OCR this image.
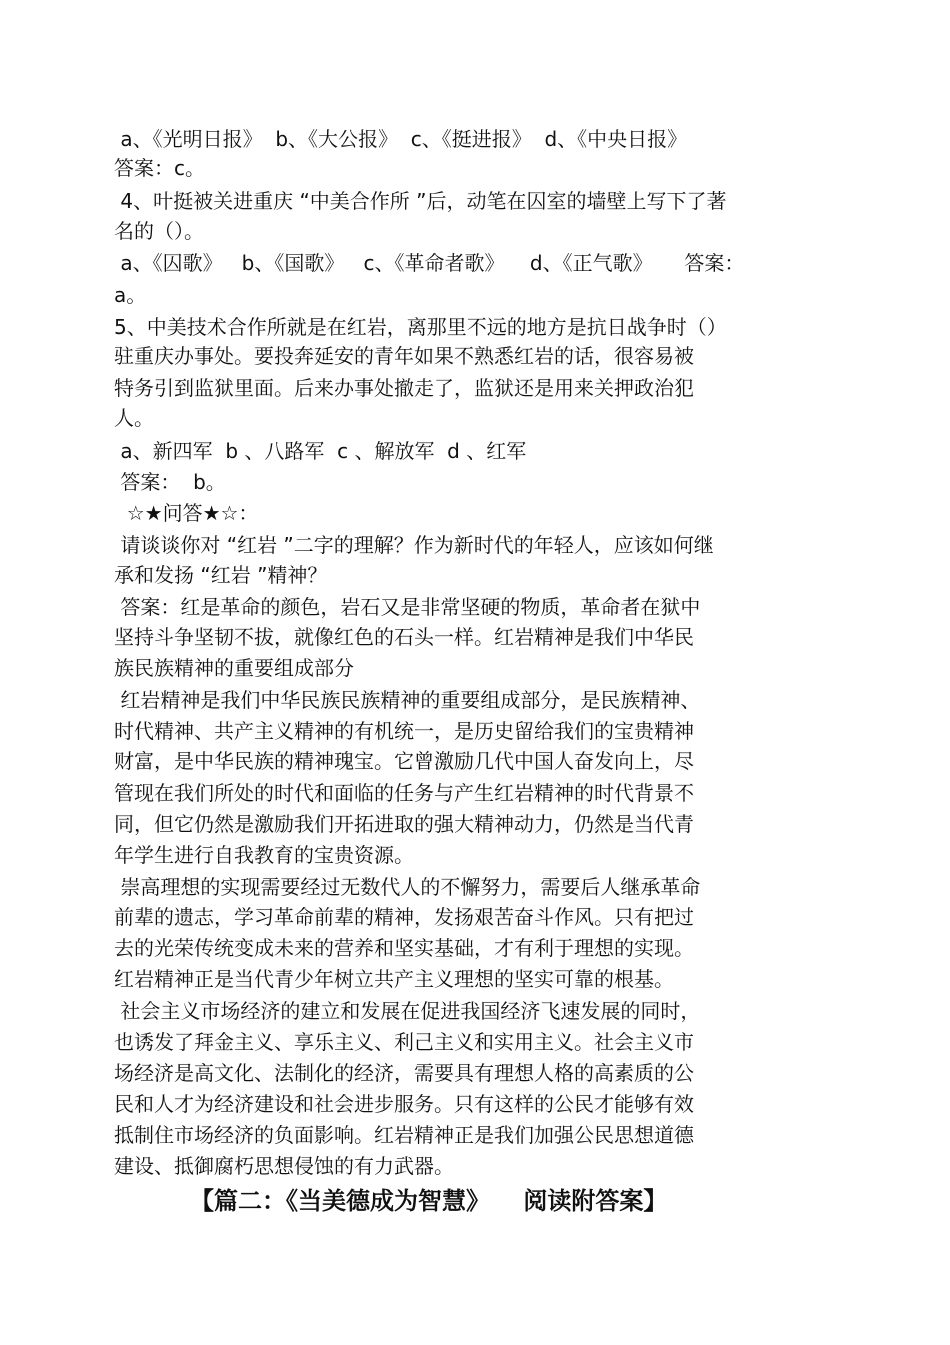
a、《光明日报》  b、《大公报》  c、《挺进报》  d、《中央日报》

答案：c。

4、叶挺被关进重庆 “中美合作所 ”后，动笔在囚室的墙壁上写下了著

名的（）。

a、《囚歌》   b、《国歌》   c、《革命者歌》    d、《正气歌》     答案：

a。

5、中美技术合作所就是在红岩，离那里不远的地方是抗日战争时（）

驻重庆办事处。要投奔延安的青年如果不熟悉红岩的话，很容易被

特务引到监狱里面。后来办事处撤走了，监狱还是用来关押政治犯

人。

a、新四军  b 、八路军  c 、解放军  d 、红军

答案：  b。

☆★问答★☆：

请谈谈你对 “红岩 ”二字的理解？作为新时代的年轻人，应该如何继

承和发扬 “红岩 ”精神？

答案：红是革命的颜色，岩石又是非常坚硬的物质，革命者在狱中

坚持斗争坚韧不拔，就像红色的石头一样。红岩精神是我们中华民

族民族精神的重要组成部分

红岩精神是我们中华民族民族精神的重要组成部分，是民族精神、

时代精神、共产主义精神的有机统一，是历史留给我们的宝贵精神

财富，是中华民族的精神瑰宝。它曾激励几代中国人奋发向上，尽

管现在我们所处的时代和面临的任务与产生红岩精神的时代背景不

同，但它仍然是激励我们开拓进取的强大精神动力，仍然是当代青

年学生进行自我教育的宝贵资源。

崇高理想的实现需要经过无数代人的不懈努力，需要后人继承革命

前辈的遗志，学习革命前辈的精神，发扬艰苦奋斗作风。只有把过

去的光荣传统变成未来的营养和坚实基础，才有利于理想的实现。

红岩精神正是当代青少年树立共产主义理想的坚实可靠的根基。

社会主义市场经济的建立和发展在促进我国经济飞速发展的同时，

也诱发了拜金主义、享乐主义、利己主义和实用主义。社会主义市

场经济是高文化、法制化的经济，需要具有理想人格的高素质的公

民和人才为经济建设和社会进步服务。只有这样的公民才能够有效

抵制住市场经济的负面影响。红岩精神正是我们加强公民思想道德

建设、抵御腐朽思想侵蚀的有力武器。

【篇二：《当美德成为智慧》    阅读附答案】
